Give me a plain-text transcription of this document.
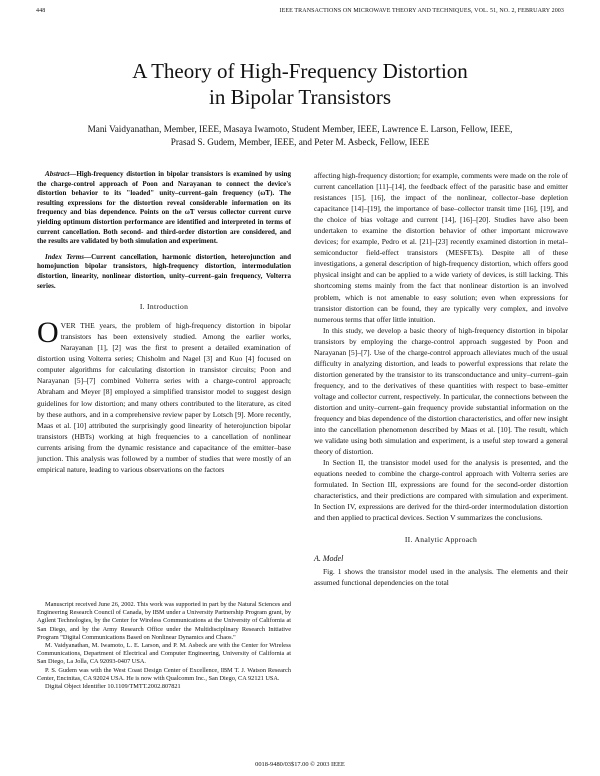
448	IEEE TRANSACTIONS ON MICROWAVE THEORY AND TECHNIQUES, VOL. 51, NO. 2, FEBRUARY 2003
A Theory of High-Frequency Distortion
in Bipolar Transistors
Mani Vaidyanathan, Member, IEEE, Masaya Iwamoto, Student Member, IEEE, Lawrence E. Larson, Fellow, IEEE,
Prasad S. Gudem, Member, IEEE, and Peter M. Asbeck, Fellow, IEEE

Abstract—High-frequency distortion in bipolar transistors is examined by using the charge-control approach of Poon and Narayanan to connect the device's distortion behavior to its "loaded" unity–current–gain frequency (ω̃T). The resulting expressions for the distortion reveal considerable information on its frequency and bias dependence. Points on the ω̃T versus collector current curve yielding optimum distortion performance are identified and interpreted in terms of current cancellation. Both second- and third-order distortion are considered, and the results are validated by both simulation and experiment.

Index Terms—Current cancellation, harmonic distortion, heterojunction and homojunction bipolar transistors, high-frequency distortion, intermodulation distortion, linearity, nonlinear distortion, unity–current–gain frequency, Volterra series.

I. Introduction

OVER THE years, the problem of high-frequency distortion in bipolar transistors has been extensively studied. Among the earlier works, Narayanan [1], [2] was the first to present a detailed examination of distortion using Volterra series; Chisholm and Nagel [3] and Kuo [4] focused on computer algorithms for calculating distortion in transistor circuits; Poon and Narayanan [5]–[7] combined Volterra series with a charge-control approach; Abraham and Meyer [8] employed a simplified transistor model to suggest design guidelines for low distortion; and many others contributed to the literature, as cited by these authors, and in a comprehensive review paper by Lotsch [9]. More recently, Maas et al. [10] attributed the surprisingly good linearity of heterojunction bipolar transistors (HBTs) working at high frequencies to a cancellation of nonlinear currents arising from the dynamic resistance and capacitance of the emitter–base junction. This analysis was followed by a number of studies that were mostly of an empirical nature, leading to various observations on the factors

Manuscript received June 26, 2002. This work was supported in part by the Natural Sciences and Engineering Research Council of Canada, by IBM under a University Partnership Program grant, by Agilent Technologies, by the Center for Wireless Communications at the University of California at San Diego, and by the Army Research Office under the Multidisciplinary Research Initiative Program "Digital Communications Based on Nonlinear Dynamics and Chaos."

M. Vaidyanathan, M. Iwamoto, L. E. Larson, and P. M. Asbeck are with the Center for Wireless Communications, Department of Electrical and Computer Engineering, University of California at San Diego, La Jolla, CA 92093-0407 USA.

P. S. Gudem was with the West Coast Design Center of Excellence, IBM T. J. Watson Research Center, Encinitas, CA 92024 USA. He is now with Qualcomm Inc., San Diego, CA 92121 USA.

Digital Object Identifier 10.1109/TMTT.2002.807821

affecting high-frequency distortion; for example, comments were made on the role of current cancellation [11]–[14], the feedback effect of the parasitic base and emitter resistances [15], [16], the impact of the nonlinear, collector–base depletion capacitance [14]–[19], the importance of base–collector transit time [16], [19], and the choice of bias voltage and current [14], [16]–[20]. Studies have also been undertaken to examine the distortion behavior of other important microwave devices; for example, Pedro et al. [21]–[23] recently examined distortion in metal–semiconductor field-effect transistors (MESFETs). Despite all of these investigations, a general description of high-frequency distortion, which offers good physical insight and can be applied to a wide variety of devices, is still lacking. This shortcoming stems mainly from the fact that nonlinear distortion is an involved problem, which is not amenable to easy solution; even when expressions for transistor distortion can be found, they are typically very complex, and involve numerous terms that offer little intuition.

In this study, we develop a basic theory of high-frequency distortion in bipolar transistors by employing the charge-control approach suggested by Poon and Narayanan [5]–[7]. Use of the charge-control approach alleviates much of the usual difficulty in analyzing distortion, and leads to powerful expressions that relate the distortion generated by the transistor to its transconductance and unity–current–gain frequency, and to the derivatives of these quantities with respect to base–emitter voltage and collector current, respectively. In particular, the connections between the distortion and unity–current–gain frequency provide substantial information on the frequency and bias dependence of the distortion characteristics, and offer new insight into the cancellation phenomenon described by Maas et al. [10]. The result, which we validate using both simulation and experiment, is a useful step toward a general theory of distortion.

In Section II, the transistor model used for the analysis is presented, and the equations needed to combine the charge-control approach with Volterra series are formulated. In Section III, expressions are found for the second-order distortion characteristics, and their predictions are compared with simulation and experiment. In Section IV, expressions are derived for the third-order intermodulation distortion and then applied to practical devices. Section V summarizes the conclusions.

II. Analytic Approach
A. Model

Fig. 1 shows the transistor model used in the analysis. The elements and their assumed functional dependencies on the total

0018-9480/03$17.00 © 2003 IEEE
